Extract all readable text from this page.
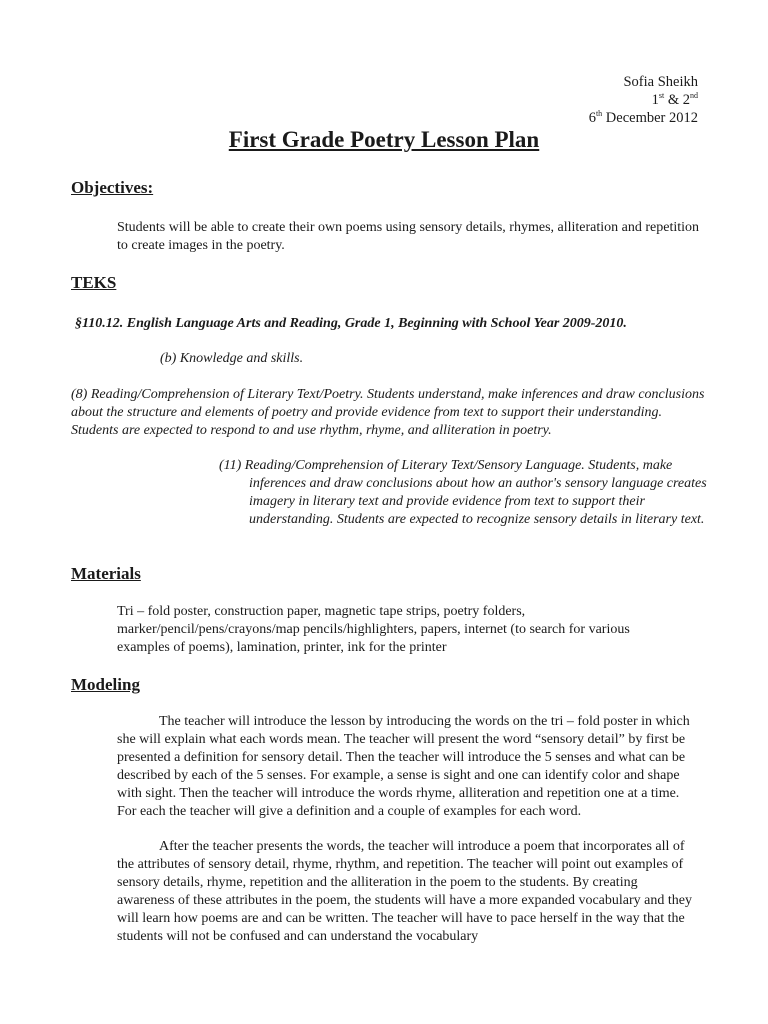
Sofia Sheikh
1st & 2nd
6th December 2012
First Grade Poetry Lesson Plan
Objectives:

Students will be able to create their own poems using sensory details, rhymes, alliteration and repetition to create images in the poetry.

TEKS

§110.12. English Language Arts and Reading, Grade 1, Beginning with School Year 2009-2010.

(b) Knowledge and skills.

(8) Reading/Comprehension of Literary Text/Poetry. Students understand, make inferences and draw conclusions about the structure and elements of poetry and provide evidence from text to support their understanding. Students are expected to respond to and use rhythm, rhyme, and alliteration in poetry.

(11) Reading/Comprehension of Literary Text/Sensory Language. Students, make inferences and draw conclusions about how an author's sensory language creates imagery in literary text and provide evidence from text to support their understanding. Students are expected to recognize sensory details in literary text.

Materials

Tri – fold poster, construction paper, magnetic tape strips, poetry folders, marker/pencil/pens/crayons/map pencils/highlighters, papers, internet (to search for various examples of poems), lamination, printer, ink for the printer

Modeling

The teacher will introduce the lesson by introducing the words on the tri – fold poster in which she will explain what each words mean. The teacher will present the word “sensory detail” by first be presented a definition for sensory detail. Then the teacher will introduce the 5 senses and what can be described by each of the 5 senses. For example, a sense is sight and one can identify color and shape with sight. Then the teacher will introduce the words rhyme, alliteration and repetition one at a time. For each the teacher will give a definition and a couple of examples for each word.

After the teacher presents the words, the teacher will introduce a poem that incorporates all of the attributes of sensory detail, rhyme, rhythm, and repetition. The teacher will point out examples of sensory details, rhyme, repetition and the alliteration in the poem to the students. By creating awareness of these attributes in the poem, the students will have a more expanded vocabulary and they will learn how poems are and can be written. The teacher will have to pace herself in the way that the students will not be confused and can understand the vocabulary
